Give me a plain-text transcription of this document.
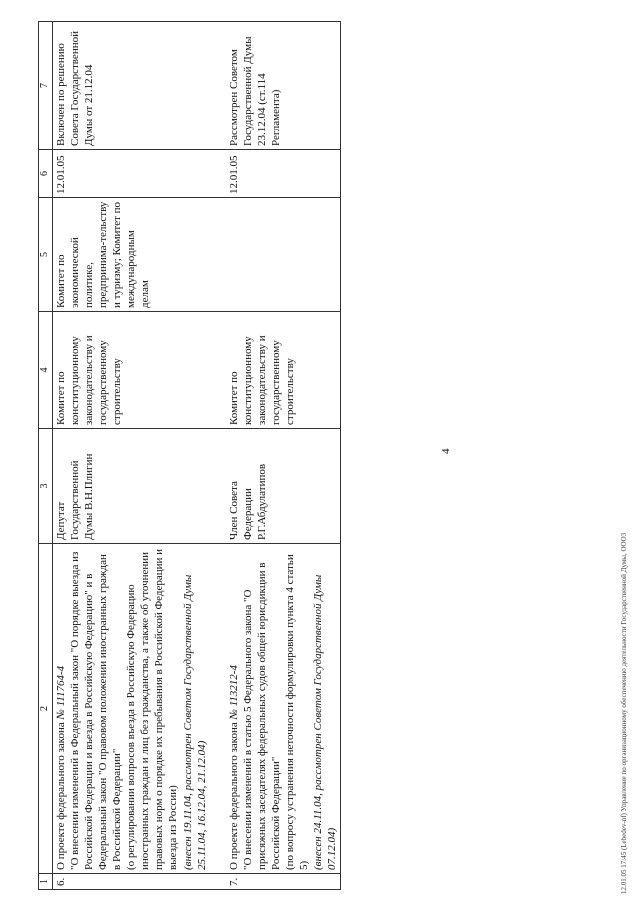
4
1	2	3	4	5	6	7
6.	О проекте федерального закона № 111764-4 "О внесении изменений в Федеральный закон "О порядке выезда из Российской Федерации и въезда в Российскую Федерацию" и в Федеральный закон "О правовом положении иностранных граждан в Российской Федерации" (о регулировании вопросов въезда в Российскую Федерацию иностранных граждан и лиц без гражданства, а также об уточнении правовых норм о порядке их пребывания в Российской Федерации и выезда из России) (внесен 19.11.04, рассмотрен Советом Государственной Думы 25.11.04, 16.12.04, 21.12.04)	Депутат Государственной Думы В.Н.Плигин	Комитет по конституционному законодательству и государственному строительству	Комитет по экономической политике, предпринима-тельству и туризму; Комитет по международным делам	12.01.05	Включен по решению Совета Государственной Думы от 21.12.04

7.	О проекте федерального закона № 113212-4 "О внесении изменений в статью 5 Федерального закона "О присяжных заседателях федеральных судов общей юрисдикции в Российской Федерации" (по вопросу устранения неточности формулировки пункта 4 статьи 5) (внесен 24.11.04, рассмотрен Советом Государственной Думы 07.12.04)	Член Совета Федерации Р.Г.Абдулатипов	Комитет по конституционному законодательству и государственному строительству		12.01.05	Рассмотрен Советом Государственной Думы 23.12.04 (ст.114 Регламента)
12.01.05 17:45 (Lebedev-nf) Управление по организационному обеспечению деятельности Государственной Думы, ООО3
